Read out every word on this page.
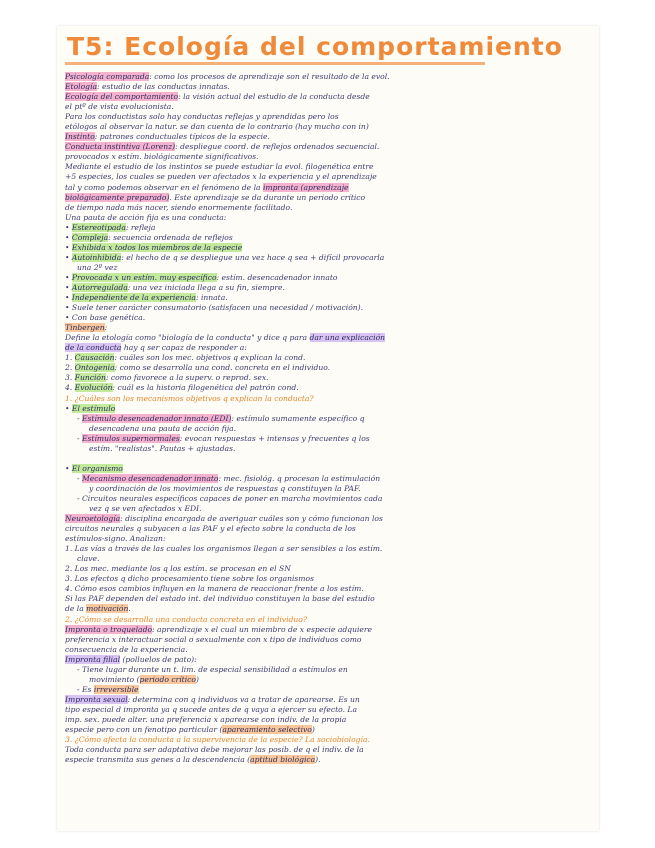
T5: Ecología del comportamiento
Psicología comparada: como los procesos de aprendizaje son el resultado de la evol.
Etología: estudio de las conductas innatas.
Ecología del comportamiento: la visión actual del estudio de la conducta desde
el ptº de vista evolucionista.
Para los conductistas solo hay conductas reflejas y aprendidas pero los
etólogos al observar la natur. se dan cuenta de lo contrario (hay mucho con in)
Instinto: patrones conductuales típicos de la especie.
Conducta instintiva (Lorenz): despliegue coord. de reflejos ordenados secuencial.
provocados x estím. biológicamente significativos.
Mediante el estudio de los instintos se puede estudiar la evol. filogenética entre
+5 especies, los cuales se pueden ver afectados x la experiencia y el aprendizaje
tal y como podemos observar en el fenómeno de la impronta (aprendizaje
biológicamente preparado). Este aprendizaje se da durante un periodo crítico
de tiempo nada más nacer, siendo enormemente facilitado.
Una pauta de acción fija es una conducta:
• Estereotipada: refleja
• Compleja: secuencia ordenada de reflejos
• Exhibida x todos los miembros de la especie
• Autoinhibida: el hecho de q se despliegue una vez hace q sea + difícil provocarla
una 2º vez
• Provocada x un estím. muy específico: estím. desencadenador innato
• Autorregulada: una vez iniciada llega a su fin, siempre.
• Independiente de la experiencia: innata.
• Suele tener carácter consumatorio (satisfacen una necesidad / motivación).
• Con base genética.
Tinbergen:
Define la etología como "biología de la conducta" y dice q para dar una explicación
de la conducta hay q ser capaz de responder a:
1. Causación: cuáles son los mec. objetivos q explican la cond.
2. Ontogenia: como se desarrolla una cond. concreta en el individuo.
3. Función: como favorece a la superv. o reprod. sex.
4. Evolución: cuál es la historia filogenética del patrón cond.
1. ¿Cuáles son los mecanismos objetivos q explican la conducta?
• El estímulo
- Estímulo desencadenador innato (EDI): estímulo sumamente específico q
desencadena una pauta de acción fija.
- Estímulos supernormales: evocan respuestas + intensas y frecuentes q los
estím. "realistas". Pautas + ajustadas.

• El organismo
- Mecanismo desencadenador innato: mec. fisiológ. q procesan la estimulación
y coordinación de los movimientos de respuestas q constituyen la PAF.
- Circuitos neurales específicos capaces de poner en marcha movimientos cada
vez q se ven afectados x EDI.
Neuroetología: disciplina encargada de averiguar cuáles son y cómo funcionan los
circuitos neurales q subyacen a las PAF y el efecto sobre la conducta de los
estímulos-signo. Analizan:
1. Las vías a través de las cuales los organismos llegan a ser sensibles a los estím.
clave.
2. Los mec. mediante los q los estím. se procesan en el SN
3. Los efectos q dicho procesamiento tiene sobre los organismos
4. Cómo esos cambios influyen en la manera de reaccionar frente a los estím.
Si las PAF dependen del estado int. del individuo constituyen la base del estudio
de la motivación.
2. ¿Cómo se desarrolla una conducta concreta en el individuo?
Impronta o troquelado: aprendizaje x el cual un miembro de x especie adquiere
preferencia x interactuar social o sexualmente con x tipo de individuos como
consecuencia de la experiencia.
Impronta filial (polluelos de pato):
- Tiene lugar durante un t. lim. de especial sensibilidad a estímulos en
movimiento (periodo crítico)
- Es irreversible
Impronta sexual: determina con q individuos va a tratar de aparearse. Es un
tipo especial d impronta ya q sucede antes de q vaya a ejercer su efecto. La
imp. sex. puede alter. una preferencia x aparearse con indiv. de la propia
especie pero con un fenotipo particular (apareamiento selectivo)
3. ¿Cómo afecta la conducta a la supervivencia de la especie? La sociobiología.
Toda conducta para ser adaptativa debe mejorar las posib. de q el indiv. de la
especie transmita sus genes a la descendencia (aptitud biológica).
